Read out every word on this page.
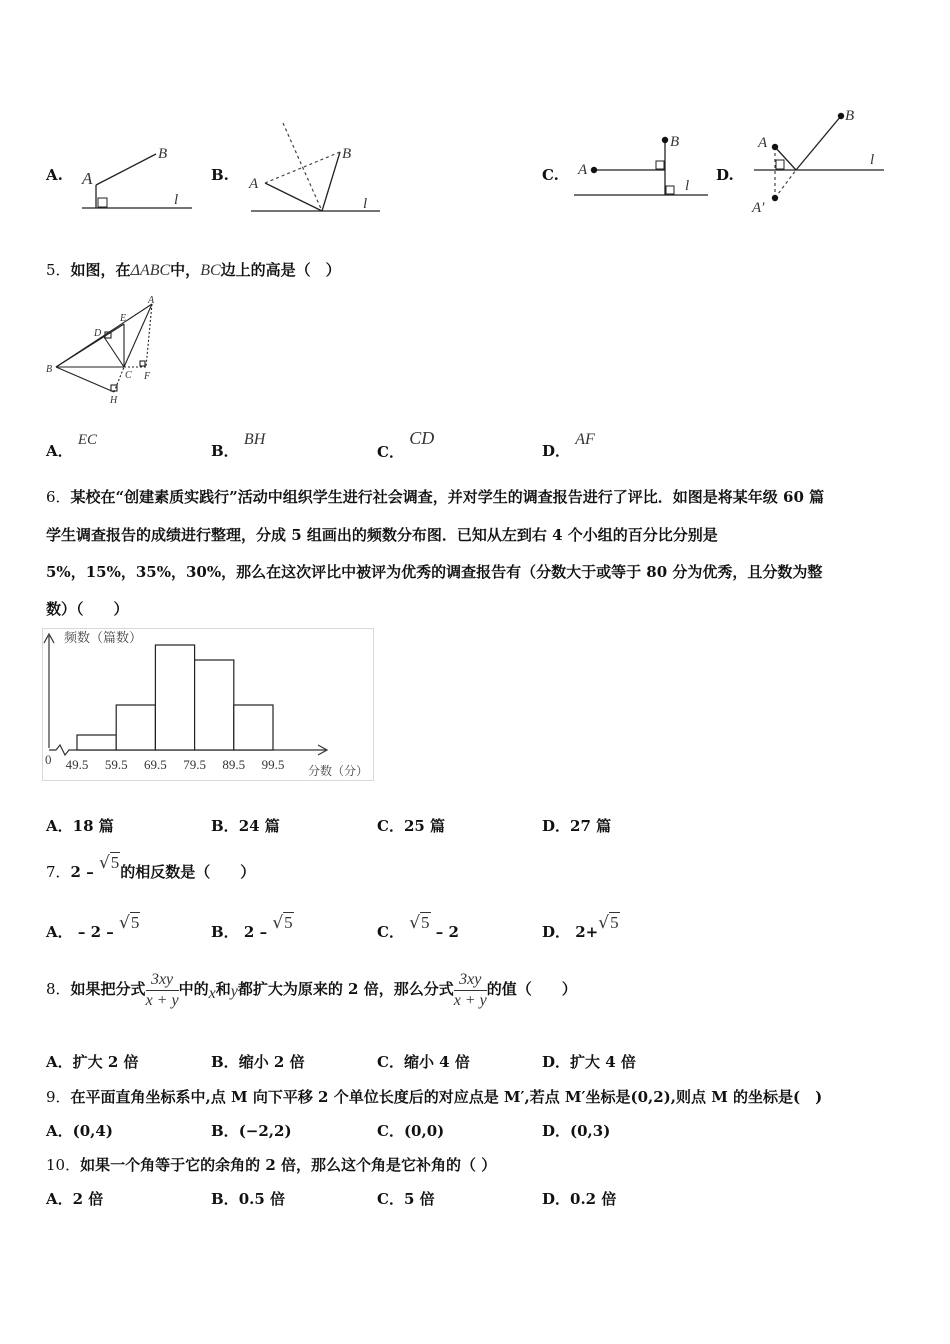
A. A
B
l
B. A
B
l
C. A
B
l
D.
A
B
A′
l
5．如图，在ΔABC中，BC边上的高是（　）
A
B
C
D
E
F
H
A． EC
B． BH
C． CD
D． AF
6．某校在“创建素质实践行”活动中组织学生进行社会调查，并对学生的调查报告进行了评比．如图是将某年级 60 篇
学生调查报告的成绩进行整理，分成 5 组画出的频数分布图．已知从左到右 4 个小组的百分比分别是
5%，15%，35%，30%，那么在这次评比中被评为优秀的调查报告有（分数大于或等于 80 分为优秀，且分数为整
数）（　　）
频数（篇数）
0
分数（分）
49.5 59.5 69.5 79.5 89.5 99.5
A．18 篇	B．24 篇	C．25 篇	D．27 篇
7．2 – √5的相反数是（　　）
A． – 2 – √5	B． 2 – √5	C． √5 – 2	D． 2+√5
8．如果把分式 $\frac{3xy}{x + y}$ 中的x和y都扩大为原来的 2 倍，那么分式 $\frac{3xy}{x + y}$ 的值（　　）
A．扩大 2 倍	B．缩小 2 倍	C．缩小 4 倍	D．扩大 4 倍
9．在平面直角坐标系中,点 M 向下平移 2 个单位长度后的对应点是 M′,若点 M′坐标是(0,2),则点 M 的坐标是(　)
A．(0,4)	B．(−2,2)	C．(0,0)	D．(0,3)
10．如果一个角等于它的余角的 2 倍，那么这个角是它补角的（ ）
A．2 倍	B．0.5 倍	C．5 倍	D．0.2 倍
